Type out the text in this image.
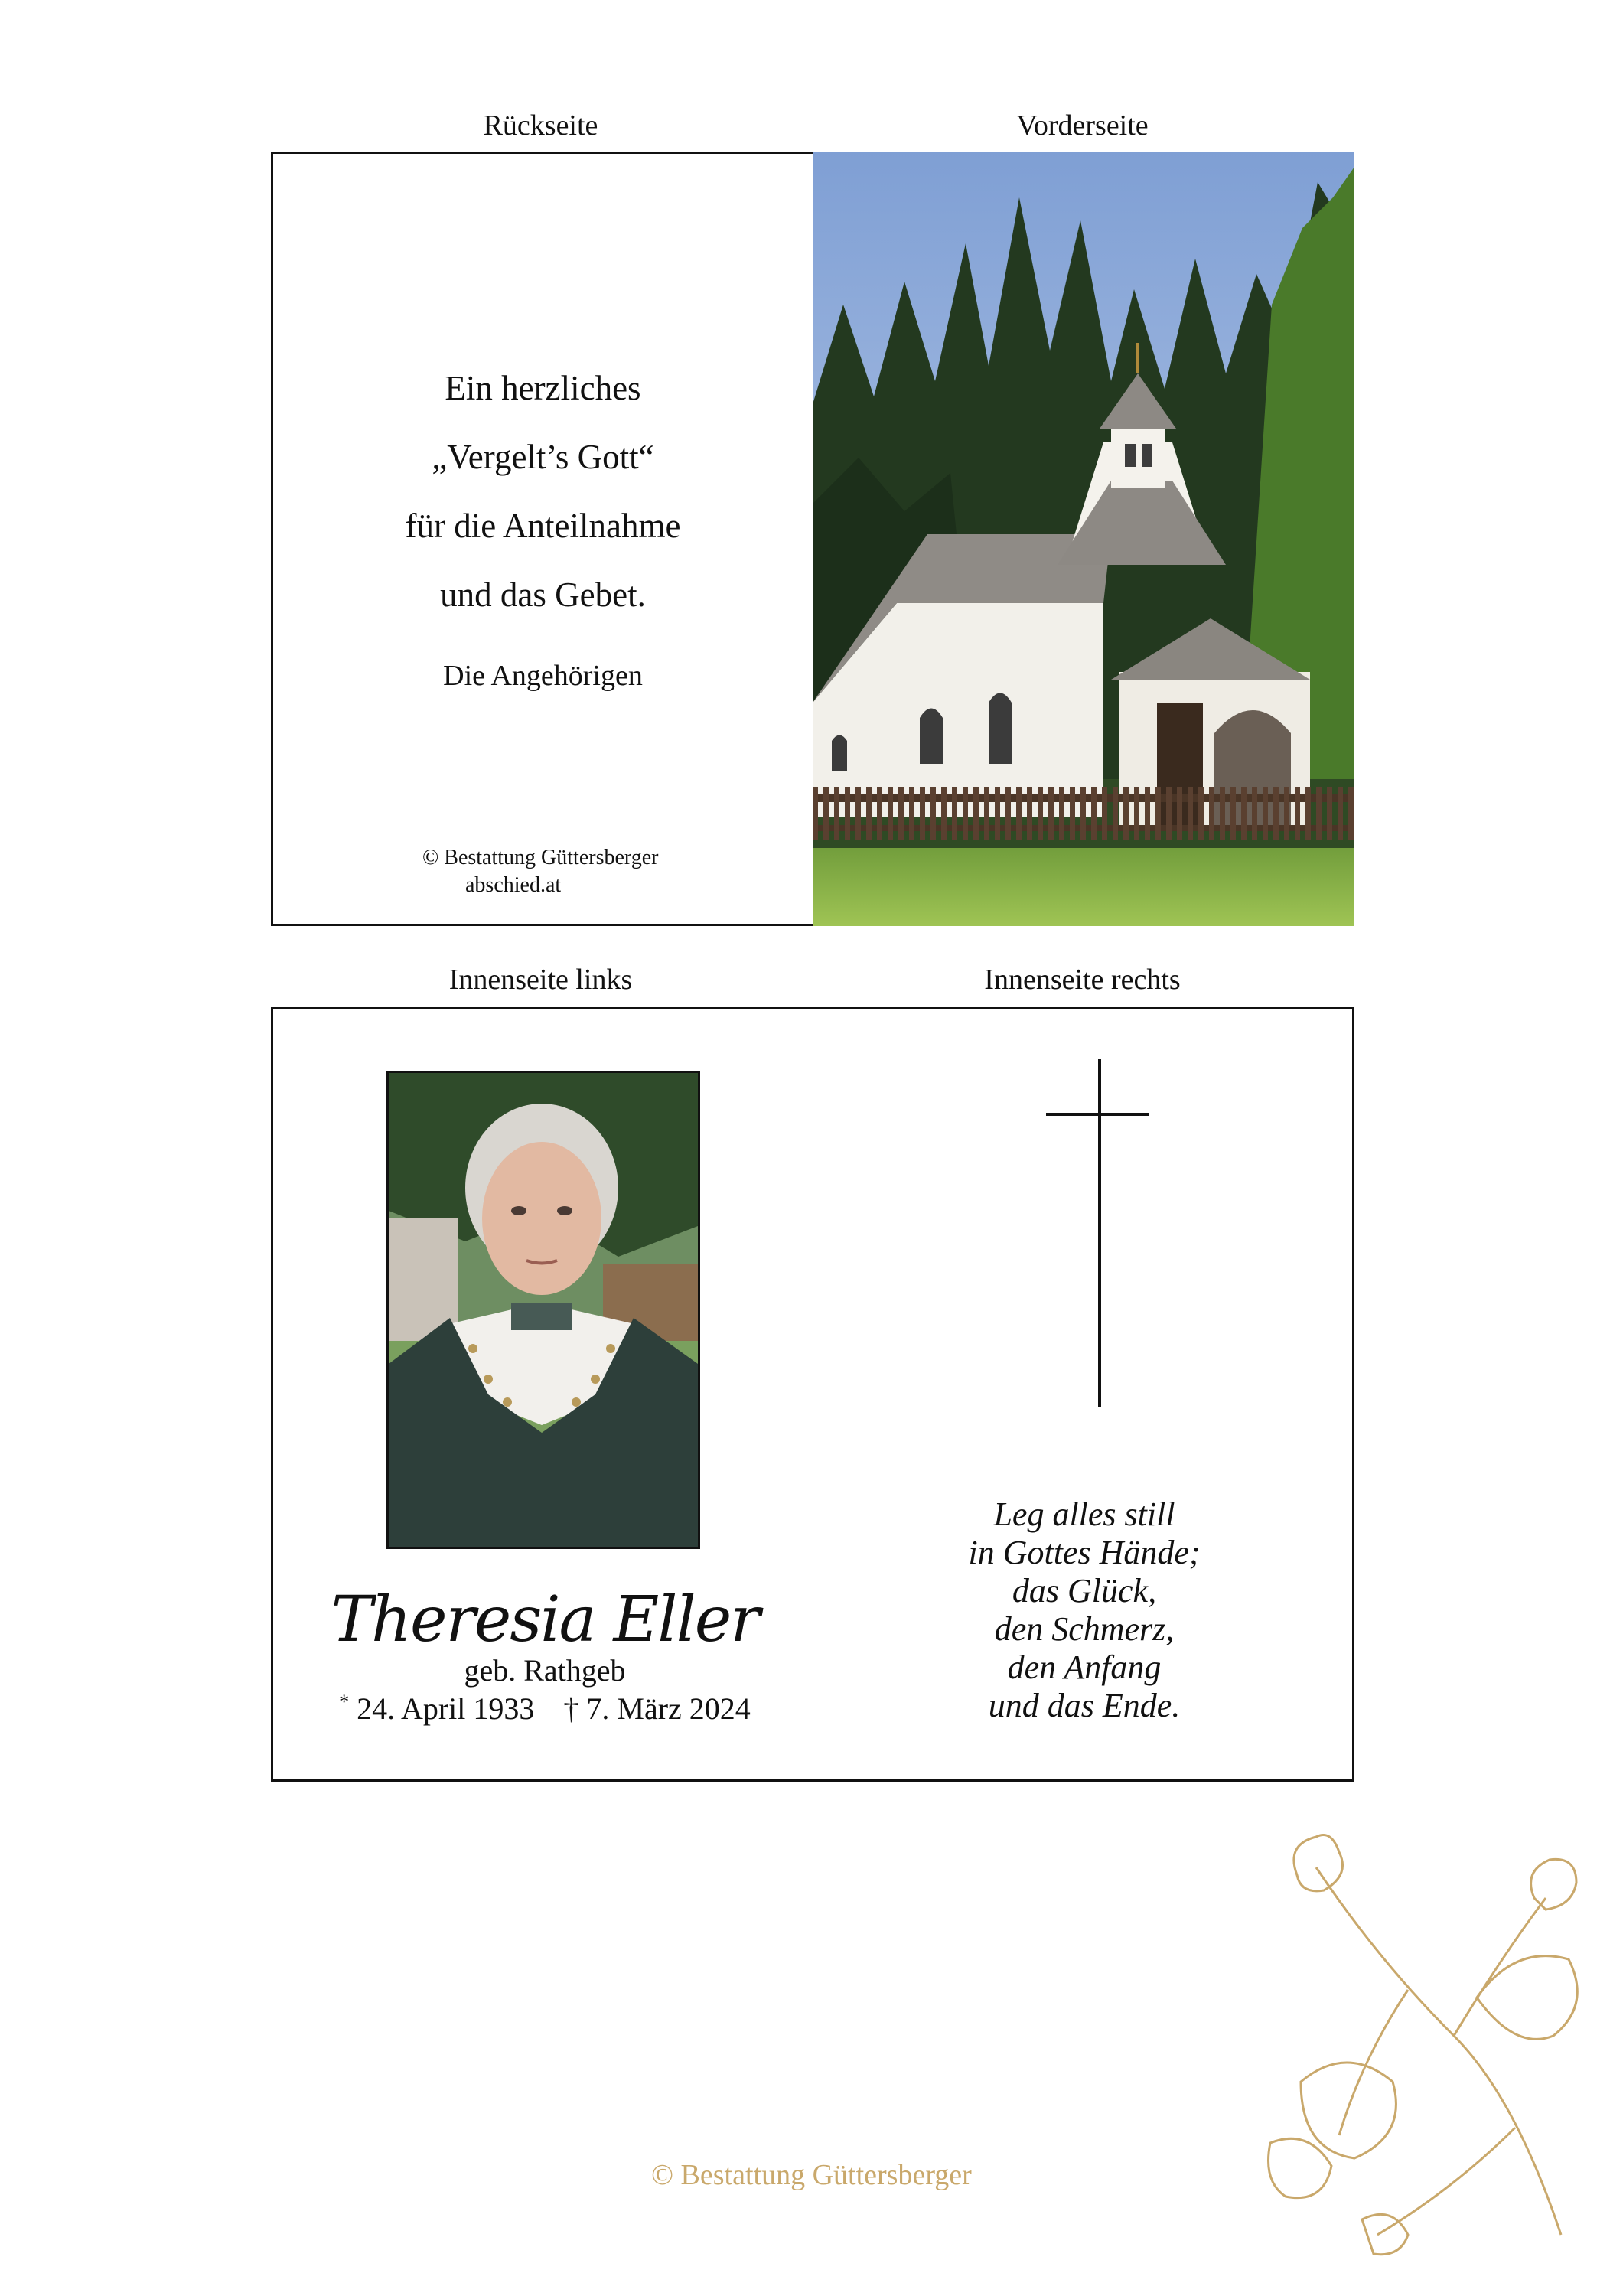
Rückseite	Vorderseite
Innenseite links	Innenseite rechts
Ein herzliches
„Vergelt’s Gott“
für die Anteilnahme
und das Gebet.
Die Angehörigen
© Bestattung Güttersberger
abschied.at
Theresia Eller
geb. Rathgeb
* 24. April 1933 † 7. März 2024
Leg alles still
in Gottes Hände;
das Glück,
den Schmerz,
den Anfang
und das Ende.
© Bestattung Güttersberger
